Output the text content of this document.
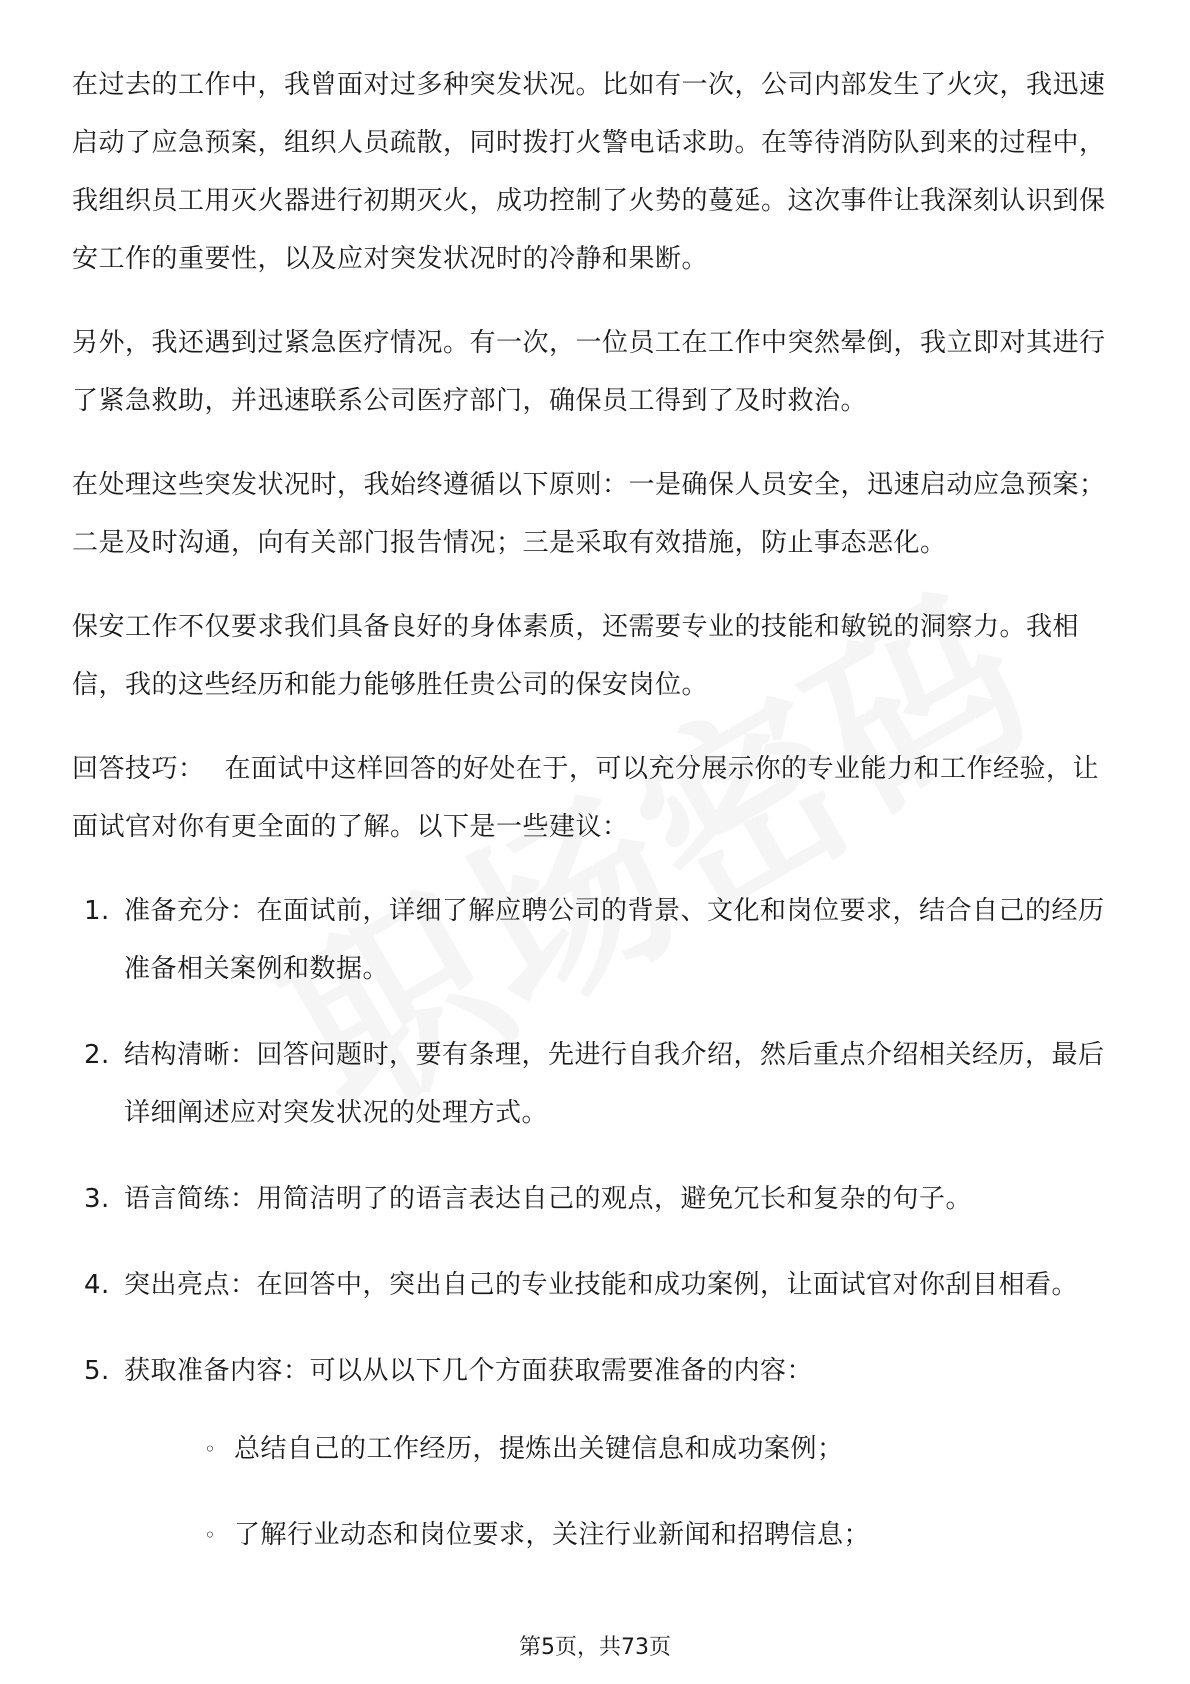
在过去的工作中，我曾面对过多种突发状况。比如有一次，公司内部发生了火灾，我迅速启动了应急预案，组织人员疏散，同时拨打火警电话求助。在等待消防队到来的过程中，我组织员工用灭火器进行初期灭火，成功控制了火势的蔓延。这次事件让我深刻认识到保安工作的重要性，以及应对突发状况时的冷静和果断。

另外，我还遇到过紧急医疗情况。有一次，一位员工在工作中突然晕倒，我立即对其进行了紧急救助，并迅速联系公司医疗部门，确保员工得到了及时救治。

在处理这些突发状况时，我始终遵循以下原则：一是确保人员安全，迅速启动应急预案；二是及时沟通，向有关部门报告情况；三是采取有效措施，防止事态恶化。

保安工作不仅要求我们具备良好的身体素质，还需要专业的技能和敏锐的洞察力。我相信，我的这些经历和能力能够胜任贵公司的保安岗位。

回答技巧： 在面试中这样回答的好处在于，可以充分展示你的专业能力和工作经验，让面试官对你有更全面的了解。以下是一些建议：

1. 准备充分：在面试前，详细了解应聘公司的背景、文化和岗位要求，结合自己的经历准备相关案例和数据。
2. 结构清晰：回答问题时，要有条理，先进行自我介绍，然后重点介绍相关经历，最后详细阐述应对突发状况的处理方式。
3. 语言简练：用简洁明了的语言表达自己的观点，避免冗长和复杂的句子。
4. 突出亮点：在回答中，突出自己的专业技能和成功案例，让面试官对你刮目相看。
5. 获取准备内容：可以从以下几个方面获取需要准备的内容：
◦ 总结自己的工作经历，提炼出关键信息和成功案例；
◦ 了解行业动态和岗位要求，关注行业新闻和招聘信息；
第5页，共73页
